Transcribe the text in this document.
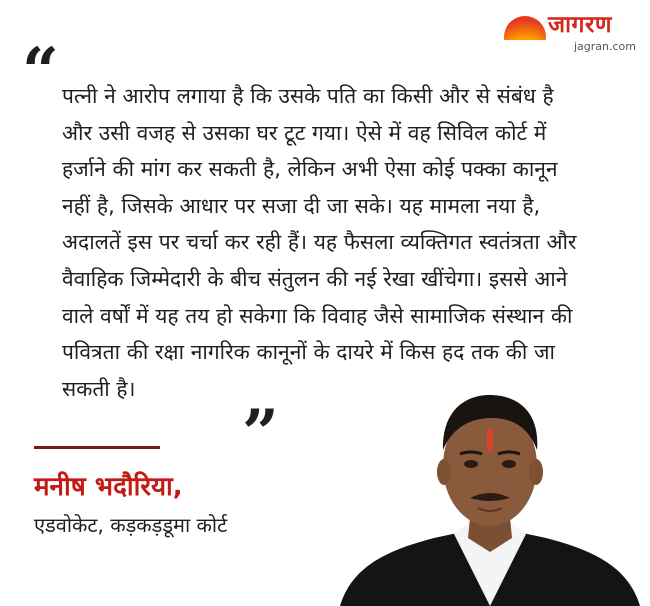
जागरण
jagran.com
“ पत्नी ने आरोप लगाया है कि उसके पति का किसी और से संबंध है और उसी वजह से उसका घर टूट गया। ऐसे में वह सिविल कोर्ट में हर्जाने की मांग कर सकती है, लेकिन अभी ऐसा कोई पक्का कानून नहीं है, जिसके आधार पर सजा दी जा सके। यह मामला नया है, अदालतें इस पर चर्चा कर रही हैं। यह फैसला व्यक्तिगत स्वतंत्रता और वैवाहिक जिम्मेदारी के बीच संतुलन की नई रेखा खींचेगा। इससे आने वाले वर्षों में यह तय हो सकेगा कि विवाह जैसे सामाजिक संस्थान की पवित्रता की रक्षा नागरिक कानूनों के दायरे में किस हद तक की जा सकती है।

”
मनीष भदौरिया,
एडवोकेट, कड़कड़डूमा कोर्ट
